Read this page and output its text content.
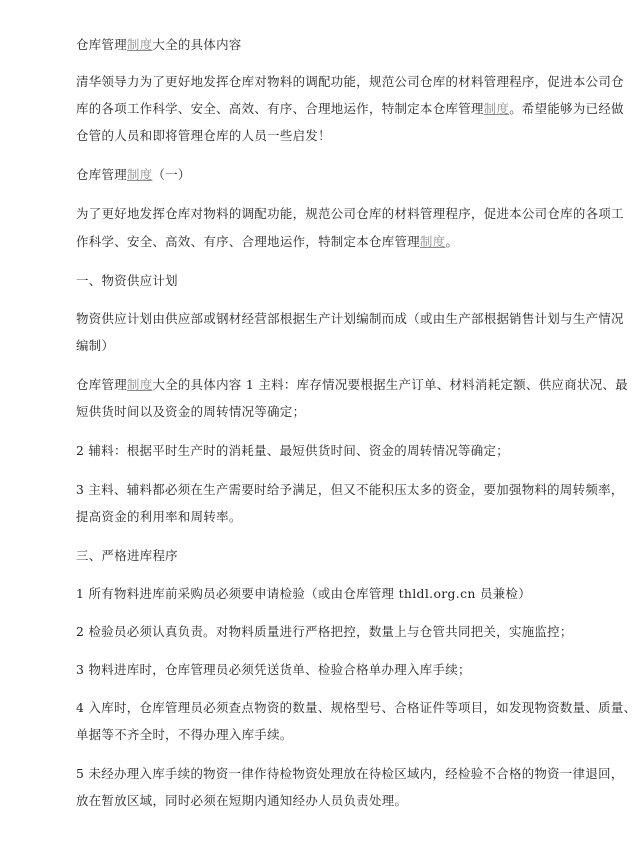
仓库管理制度大全的具体内容

清华领导力为了更好地发挥仓库对物料的调配功能，规范公司仓库的材料管理程序，促进本公司仓

库的各项工作科学、安全、高效、有序、合理地运作，特制定本仓库管理制度。希望能够为已经做

仓管的人员和即将管理仓库的人员一些启发！

仓库管理制度（一）

为了更好地发挥仓库对物料的调配功能，规范公司仓库的材料管理程序，促进本公司仓库的各项工

作科学、安全、高效、有序、合理地运作，特制定本仓库管理制度。

一、物资供应计划

物资供应计划由供应部或钢材经营部根据生产计划编制而成（或由生产部根据销售计划与生产情况

编制）

仓库管理制度大全的具体内容 1 主料：库存情况要根据生产订单、材料消耗定额、供应商状况、最

短供货时间以及资金的周转情况等确定；

2 辅料：根据平时生产时的消耗量、最短供货时间、资金的周转情况等确定；

3 主料、辅料都必须在生产需要时给予满足，但又不能积压太多的资金，要加强物料的周转频率，

提高资金的利用率和周转率。

三、严格进库程序

1 所有物料进库前采购员必须要申请检验（或由仓库管理 thldl.org.cn 员兼检）

2 检验员必须认真负责。对物料质量进行严格把控，数量上与仓管共同把关，实施监控；

3 物料进库时，仓库管理员必须凭送货单、检验合格单办理入库手续；

4 入库时，仓库管理员必须查点物资的数量、规格型号、合格证件等项目，如发现物资数量、质量、

单据等不齐全时，不得办理入库手续。

5 未经办理入库手续的物资一律作待检物资处理放在待检区域内，经检验不合格的物资一律退回，

放在暂放区域，同时必须在短期内通知经办人员负责处理。
